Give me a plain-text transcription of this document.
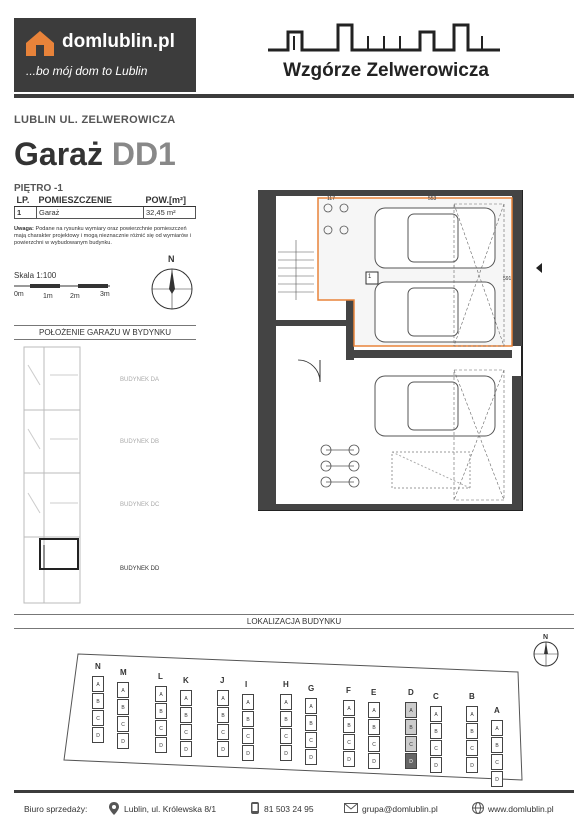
domlublin.pl
...bo mój dom to Lublin	Wzgórze Zelwerowicza
LUBLIN UL. ZELWEROWICZA
Garaż DD1
PIĘTRO -1
LP.	POMIESZCZENIE	POW.[m²]
1	Garaż	32,45 m²
Uwaga: Podane na rysunku wymiary oraz powierzchnie pomieszczeń mają charakter projektowy i mogą nieznacznie różnić się od wymiarów i powierzchni w wybudowanym budynku.
Skala 1:100
0m	1m 2m	3m
N
POŁOŻENIE GARAŻU W BYDYNKU
BUDYNEK DA
BUDYNEK DB
BUDYNEK DC
BUDYNEK DD
117	553
591
1
LOKALIZACJA BUDYNKU
N
N
A
B
C
D
M
A
B
C
D
L
A
B
C
D
K
A
B
C
D
J
A
B
C
D
I
A
B
C
D
H
A
B
C
D
G
A
B
C
D
F
A
B
C
D
E
A
B
C
D
D
A
B
C
D
C
A
B
C
D
B
A
B
C
D
A
A
B
C
D
Biuro sprzedaży:	Lublin, ul. Królewska 8/1	81 503 24 95	grupa@domlublin.pl	www.domlublin.pl
